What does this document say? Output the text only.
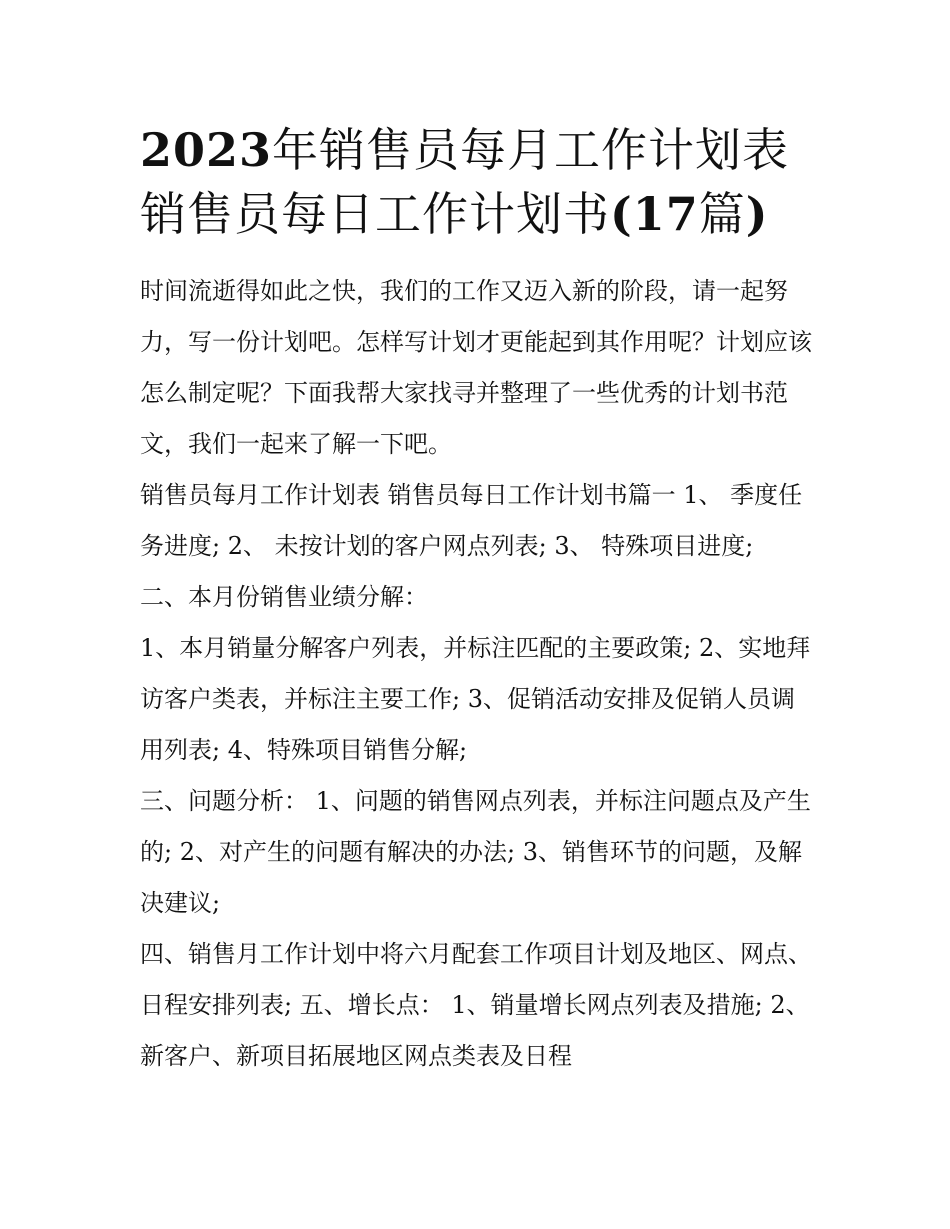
2023年销售员每月工作计划表
销售员每日工作计划书(17篇)

时间流逝得如此之快，我们的工作又迈入新的阶段，请一起努力，写一份计划吧。怎样写计划才更能起到其作用呢？计划应该怎么制定呢？下面我帮大家找寻并整理了一些优秀的计划书范文，我们一起来了解一下吧。

销售员每月工作计划表 销售员每日工作计划书篇一 1、 季度任务进度; 2、 未按计划的客户网点列表; 3、 特殊项目进度;

二、本月份销售业绩分解：

1、本月销量分解客户列表，并标注匹配的主要政策; 2、实地拜访客户类表，并标注主要工作; 3、促销活动安排及促销人员调用列表; 4、特殊项目销售分解;

三、问题分析： 1、问题的销售网点列表，并标注问题点及产生的; 2、对产生的问题有解决的办法; 3、销售环节的问题，及解决建议;

四、销售月工作计划中将六月配套工作项目计划及地区、网点、日程安排列表; 五、增长点： 1、销量增长网点列表及措施; 2、新客户、新项目拓展地区网点类表及日程
